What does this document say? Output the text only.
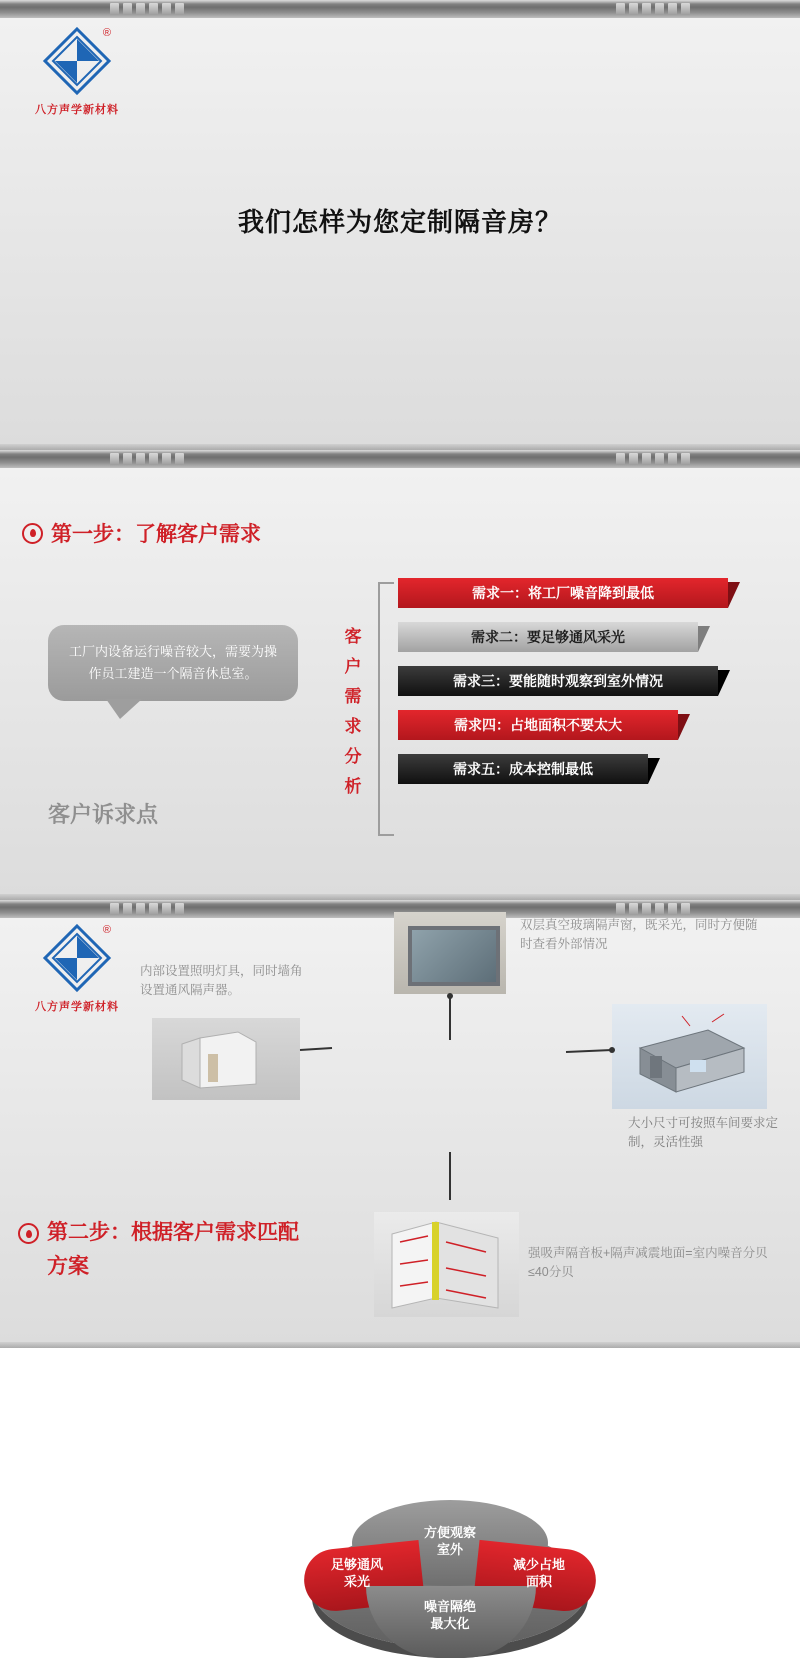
®
八方声学新材料
我们怎样为您定制隔音房？
第一步：了解客户需求
工厂内设备运行噪音较大，需要为操作员工建造一个隔音休息室。
客户诉求点
客户需求分析
需求一：将工厂噪音降到最低
需求二：要足够通风采光
需求三：要能随时观察到室外情况
需求四：占地面积不要太大
需求五：成本控制最低
®
八方声学新材料
双层真空玻璃隔声窗，既采光，同时方便随时查看外部情况
内部设置照明灯具，同时墙角设置通风隔声器。
大小尺寸可按照车间要求定制，灵活性强
强吸声隔音板+隔声减震地面=室内噪音分贝≤40分贝
方便观察
室外
足够通风
采光
减少占地
面积
噪音隔绝
最大化
第二步：根据客户需求匹配
方案
